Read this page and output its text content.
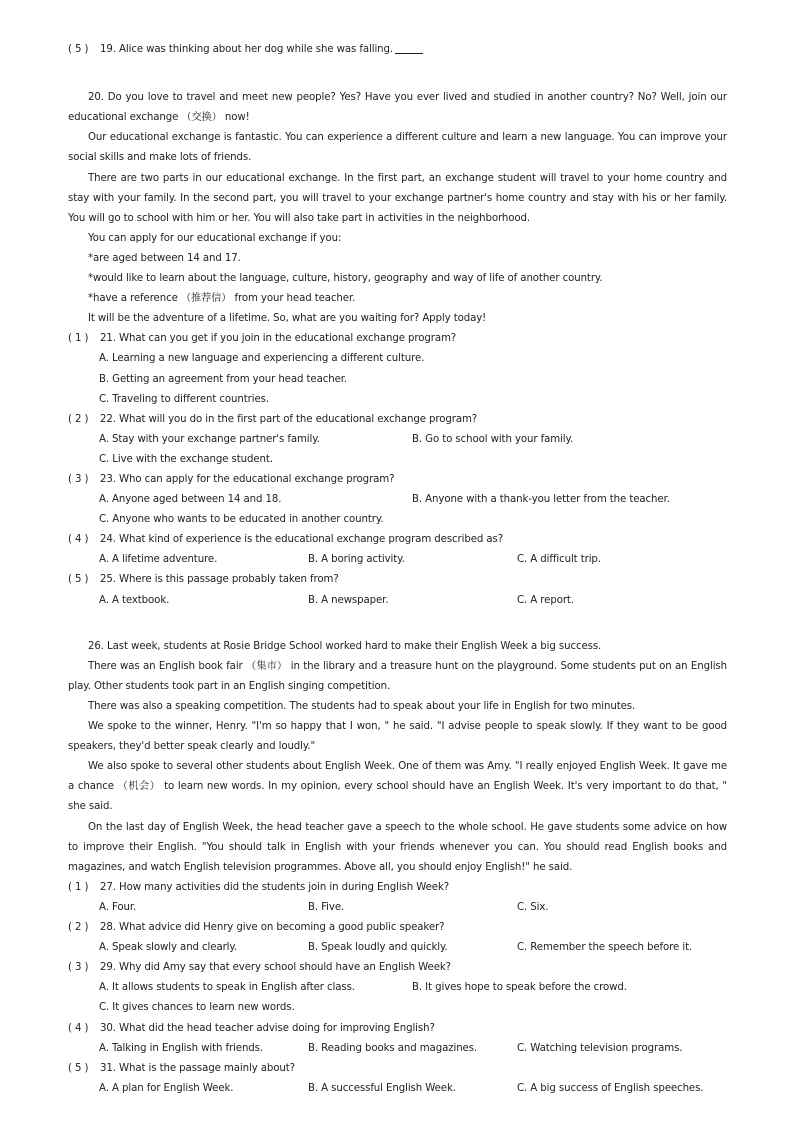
( 5 ) 19. Alice was thinking about her dog while she was falling.
20. Do you love to travel and meet new people? Yes? Have you ever lived and studied in another country? No? Well, join our educational exchange （交换） now!
Our educational exchange is fantastic. You can experience a different culture and learn a new language. You can improve your social skills and make lots of friends.
There are two parts in our educational exchange. In the first part, an exchange student will travel to your home country and stay with your family. In the second part, you will travel to your exchange partner's home country and stay with his or her family. You will go to school with him or her. You will also take part in activities in the neighborhood.
You can apply for our educational exchange if you:
*are aged between 14 and 17.
*would like to learn about the language, culture, history, geography and way of life of another country.
*have a reference （推荐信） from your head teacher.
It will be the adventure of a lifetime. So, what are you waiting for? Apply today!
( 1 ) 21. What can you get if you join in the educational exchange program?
A. Learning a new language and experiencing a different culture.
B. Getting an agreement from your head teacher.
C. Traveling to different countries.
( 2 ) 22. What will you do in the first part of the educational exchange program?
A. Stay with your exchange partner's family.	B. Go to school with your family.
C. Live with the exchange student.
( 3 ) 23. Who can apply for the educational exchange program?
A. Anyone aged between 14 and 18.	B. Anyone with a thank-you letter from the teacher.
C. Anyone who wants to be educated in another country.
( 4 ) 24. What kind of experience is the educational exchange program described as?
A. A lifetime adventure.	B. A boring activity.	C. A difficult trip.
( 5 ) 25. Where is this passage probably taken from?
A. A textbook.	B. A newspaper.	C. A report.
26. Last week, students at Rosie Bridge School worked hard to make their English Week a big success.
There was an English book fair （集市） in the library and a treasure hunt on the playground. Some students put on an English play. Other students took part in an English singing competition.
There was also a speaking competition. The students had to speak about your life in English for two minutes.
We spoke to the winner, Henry. "I'm so happy that I won, " he said. "I advise people to speak slowly. If they want to be good speakers, they'd better speak clearly and loudly."
We also spoke to several other students about English Week. One of them was Amy. "I really enjoyed English Week. It gave me a chance （机会） to learn new words. In my opinion, every school should have an English Week. It's very important to do that, " she said.
On the last day of English Week, the head teacher gave a speech to the whole school. He gave students some advice on how to improve their English. "You should talk in English with your friends whenever you can. You should read English books and magazines, and watch English television programmes. Above all, you should enjoy English!" he said.
( 1 ) 27. How many activities did the students join in during English Week?
A. Four.	B. Five.	C. Six.
( 2 ) 28. What advice did Henry give on becoming a good public speaker?
A. Speak slowly and clearly.	B. Speak loudly and quickly.	C. Remember the speech before it.
( 3 ) 29. Why did Amy say that every school should have an English Week?
A. It allows students to speak in English after class.	B. It gives hope to speak before the crowd.
C. It gives chances to learn new words.
( 4 ) 30. What did the head teacher advise doing for improving English?
A. Talking in English with friends.	B. Reading books and magazines.	C. Watching television programs.
( 5 ) 31. What is the passage mainly about?
A. A plan for English Week.	B. A successful English Week.	C. A big success of English speeches.
